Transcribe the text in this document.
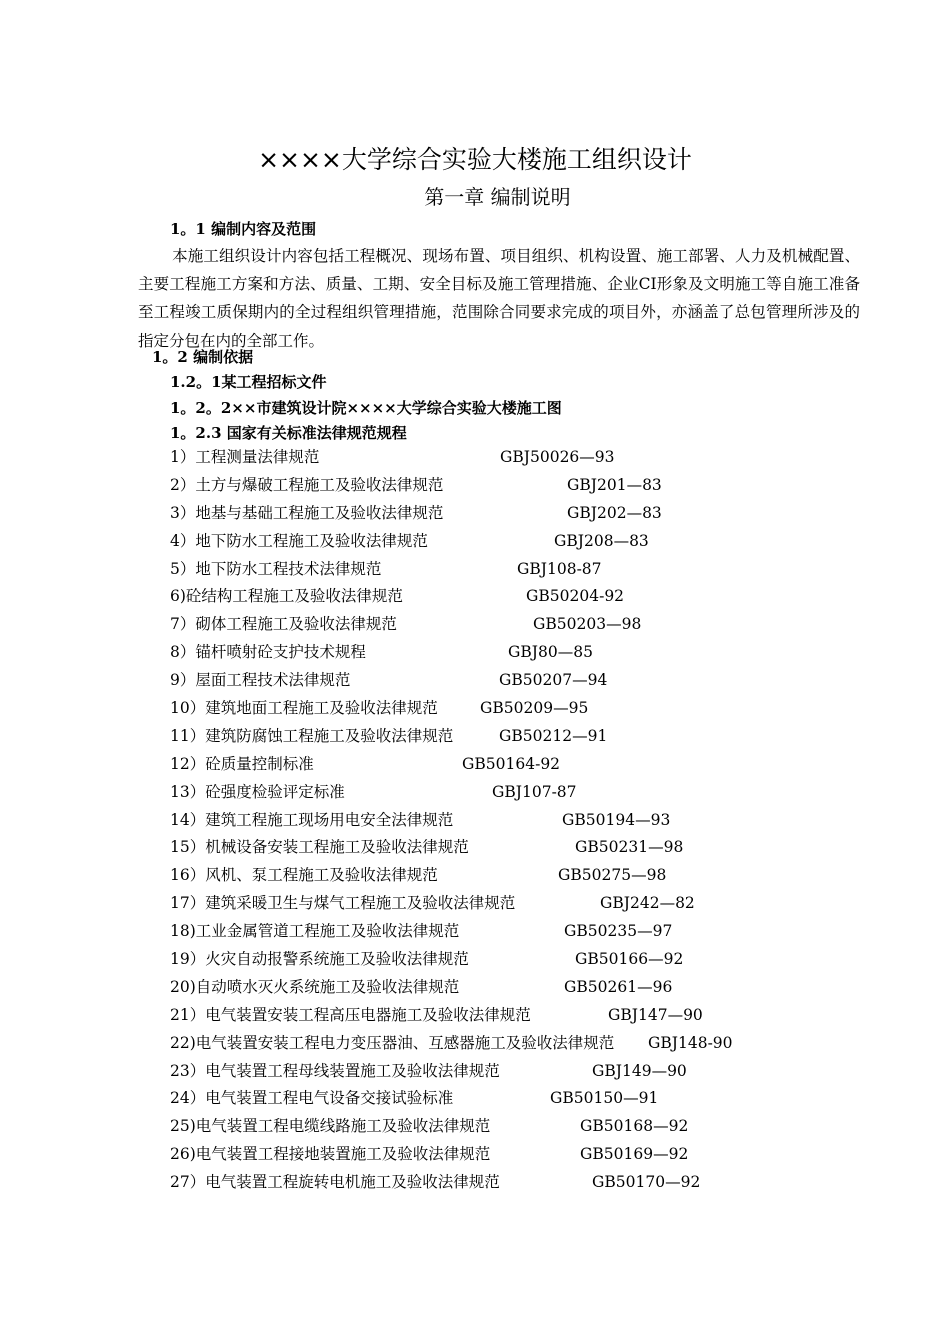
××××大学综合实验大楼施工组织设计
第一章 编制说明
1。1 编制内容及范围
本施工组织设计内容包括工程概况、现场布置、项目组织、机构设置、施工部署、人力及机械配置、主要工程施工方案和方法、质量、工期、安全目标及施工管理措施、企业CI形象及文明施工等自施工准备至工程竣工质保期内的全过程组织管理措施，范围除合同要求完成的项目外，亦涵盖了总包管理所涉及的指定分包在内的全部工作。
1。2 编制依据
1.2。1某工程招标文件
1。2。2××市建筑设计院××××大学综合实验大楼施工图
1。2.3 国家有关标准法律规范规程
1）工程测量法律规范	GBJ50026—93
2）土方与爆破工程施工及验收法律规范	GBJ201—83
3）地基与基础工程施工及验收法律规范	GBJ202—83
4）地下防水工程施工及验收法律规范	GBJ208—83
5）地下防水工程技术法律规范	GBJ108-87
6)砼结构工程施工及验收法律规范	GB50204-92
7）砌体工程施工及验收法律规范	GB50203—98
8）锚杆喷射砼支护技术规程	GBJ80—85
9）屋面工程技术法律规范	GB50207—94
10）建筑地面工程施工及验收法律规范	GB50209—95
11）建筑防腐蚀工程施工及验收法律规范	GB50212—91
12）砼质量控制标准	GB50164-92
13）砼强度检验评定标准	GBJ107-87
14）建筑工程施工现场用电安全法律规范	GB50194—93
15）机械设备安装工程施工及验收法律规范	GB50231—98
16）风机、泵工程施工及验收法律规范	GB50275—98
17）建筑采暖卫生与煤气工程施工及验收法律规范	GBJ242—82
18)工业金属管道工程施工及验收法律规范	GB50235—97
19）火灾自动报警系统施工及验收法律规范	GB50166—92
20)自动喷水灭火系统施工及验收法律规范	GB50261—96
21）电气装置安装工程高压电器施工及验收法律规范	GBJ147—90
22)电气装置安装工程电力变压器油、互感器施工及验收法律规范 GBJ148-90
23）电气装置工程母线装置施工及验收法律规范	GBJ149—90
24）电气装置工程电气设备交接试验标准	GB50150—91
25)电气装置工程电缆线路施工及验收法律规范	GB50168—92
26)电气装置工程接地装置施工及验收法律规范	GB50169—92
27）电气装置工程旋转电机施工及验收法律规范	GB50170—92
